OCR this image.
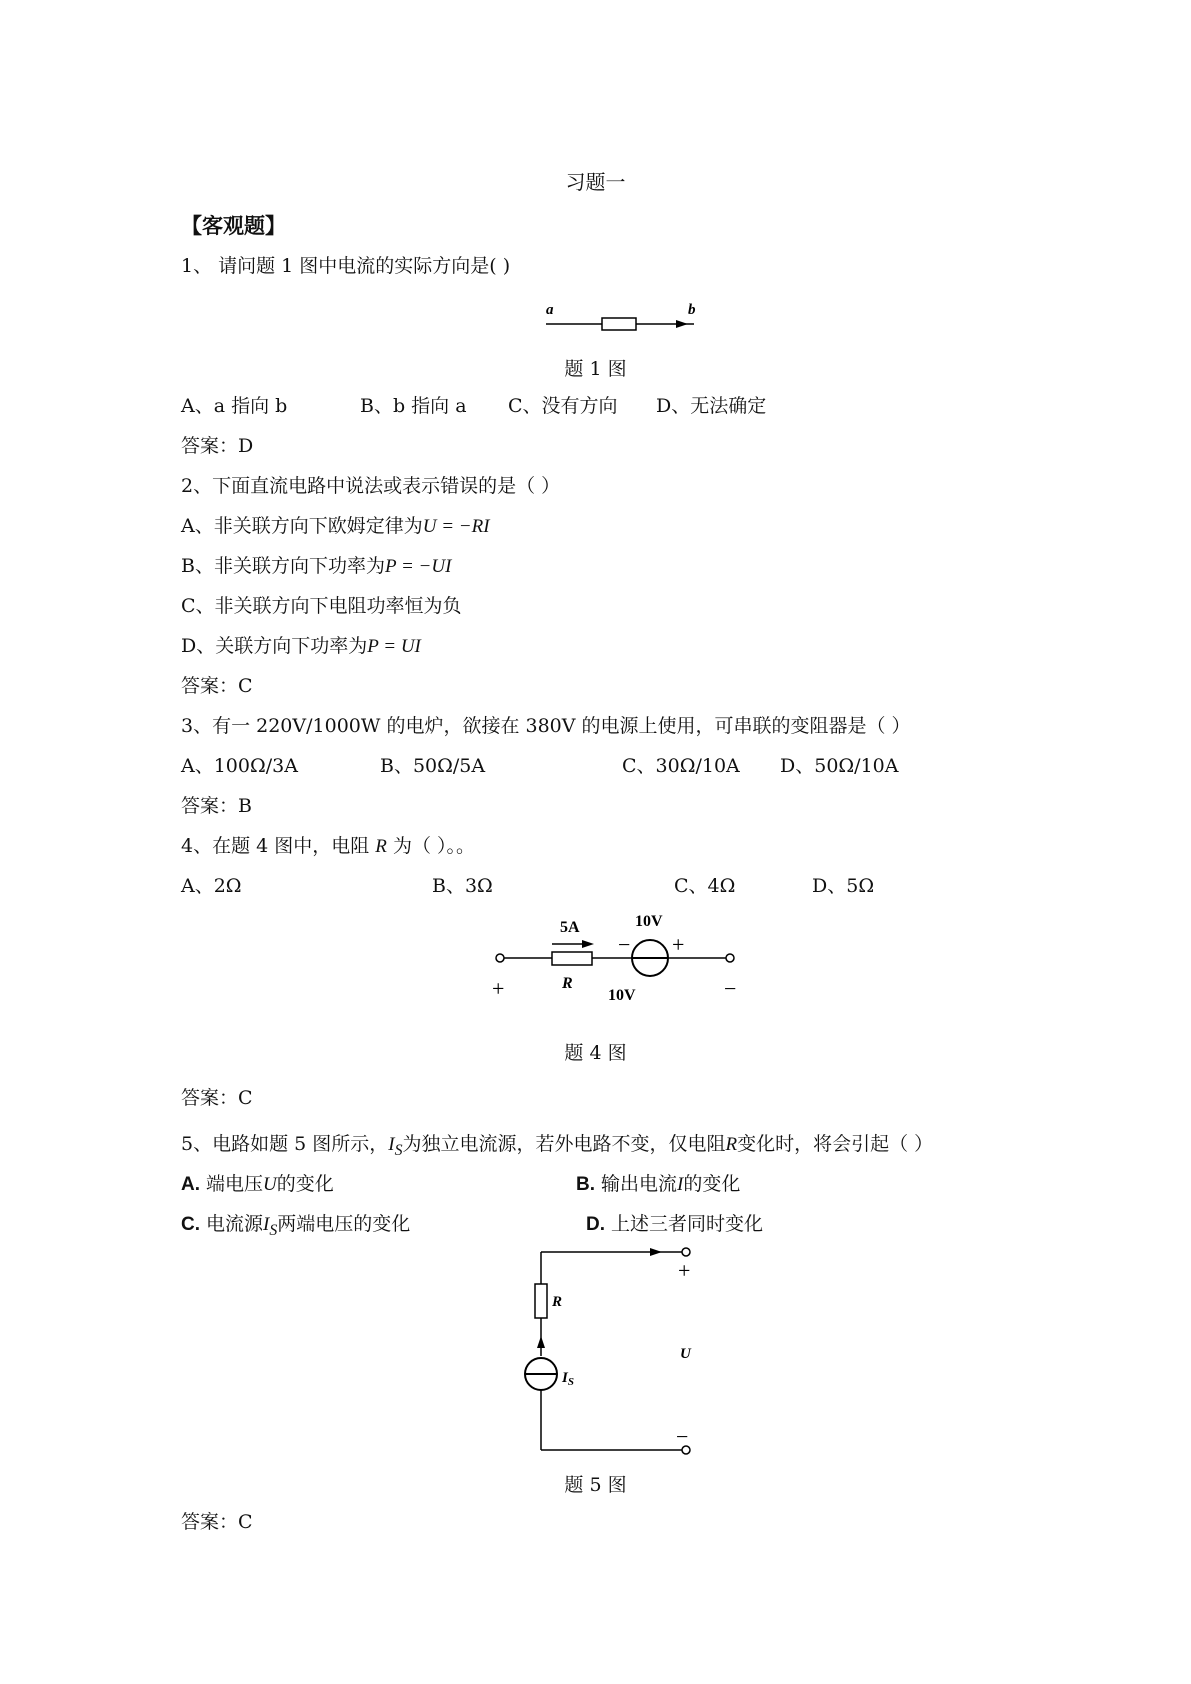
习题一
【客观题】
1、 请问题 1 图中电流的实际方向是( )
a	b
题 1 图
A、a 指向 b	B、b 指向 a C、没有方向 D、无法确定
答案：D
2、下面直流电路中说法或表示错误的是（ ）
A、非关联方向下欧姆定律为U = −RI
B、非关联方向下功率为P = −UI
C、非关联方向下电阻功率恒为负
D、关联方向下功率为P = UI
答案：C
3、有一 220V/1000W 的电炉，欲接在 380V 的电源上使用，可串联的变阻器是（ ）
A、100Ω/3A	B、50Ω/5A	C、30Ω/10A D、50Ω/10A
答案：B
4、在题 4 图中，电阻 R 为（ ）。。
A、2Ω	B、3Ω	C、4Ω	D、5Ω
5A	10V
R
10V
− +
+	−
题 4 图
答案：C
5、电路如题 5 图所示，$I_S$为独立电流源，若外电路不变，仅电阻R变化时，将会引起（ ）
A. 端电压U的变化	B. 输出电流I的变化
C. 电流源$I_S$两端电压的变化	D. 上述三者同时变化
R
$I_S$
U
+
−
题 5 图
答案：C
